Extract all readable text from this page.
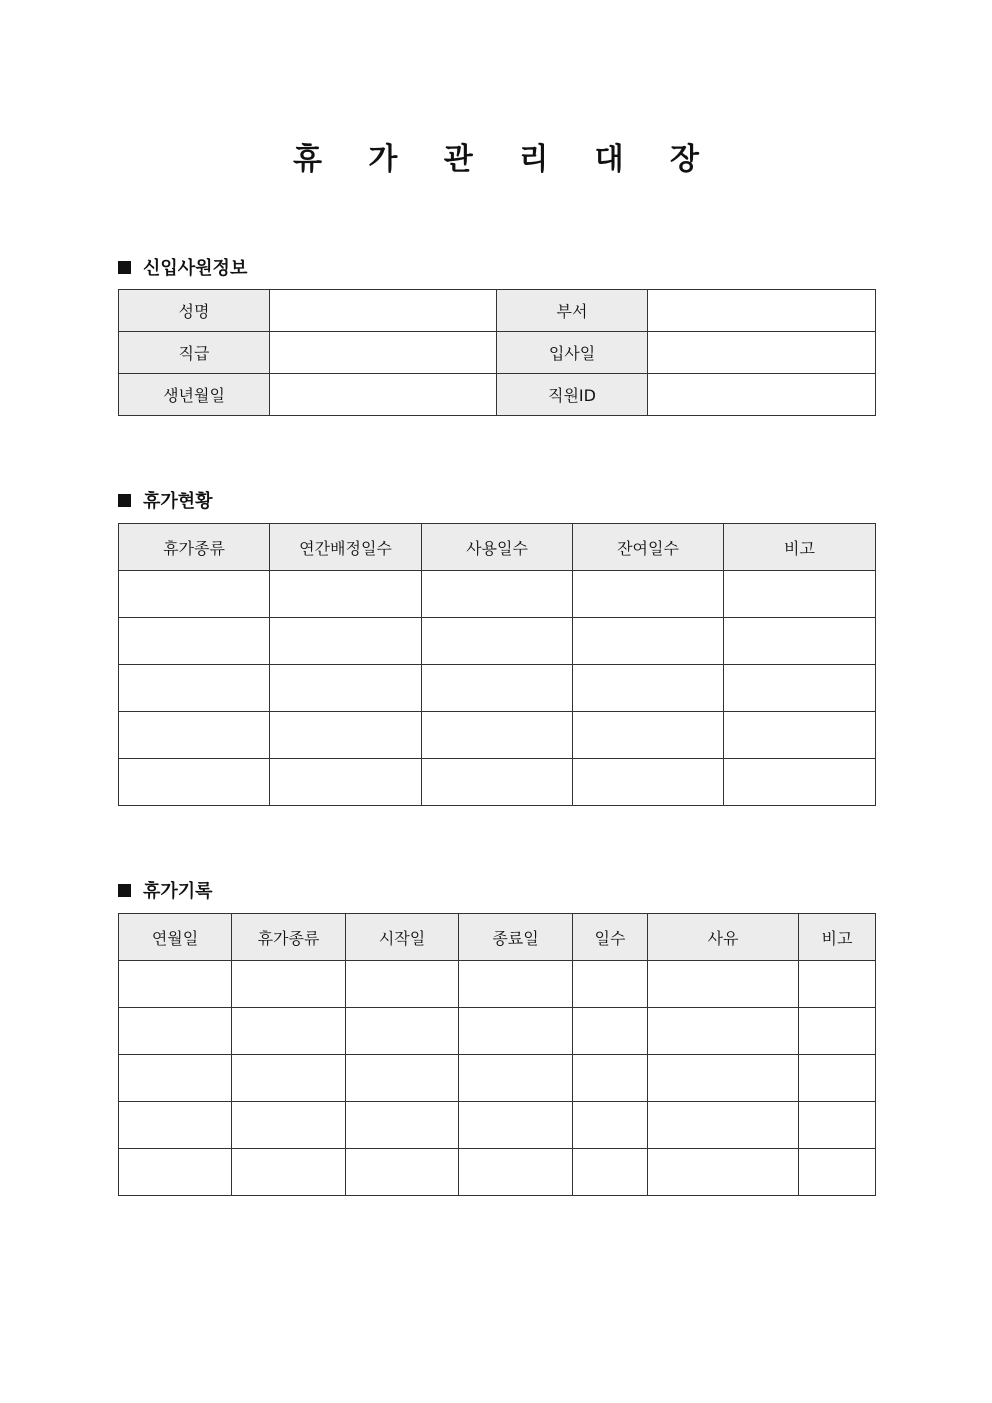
휴 가 관 리 대 장
신입사원정보
성명		부서	
직급		입사일	
생년월일		직원ID	
휴가현황
휴가종류	연간배정일수	사용일수	잔여일수	비고

휴가기록
연월일	휴가종류	시작일	종료일	일수	사유	비고
